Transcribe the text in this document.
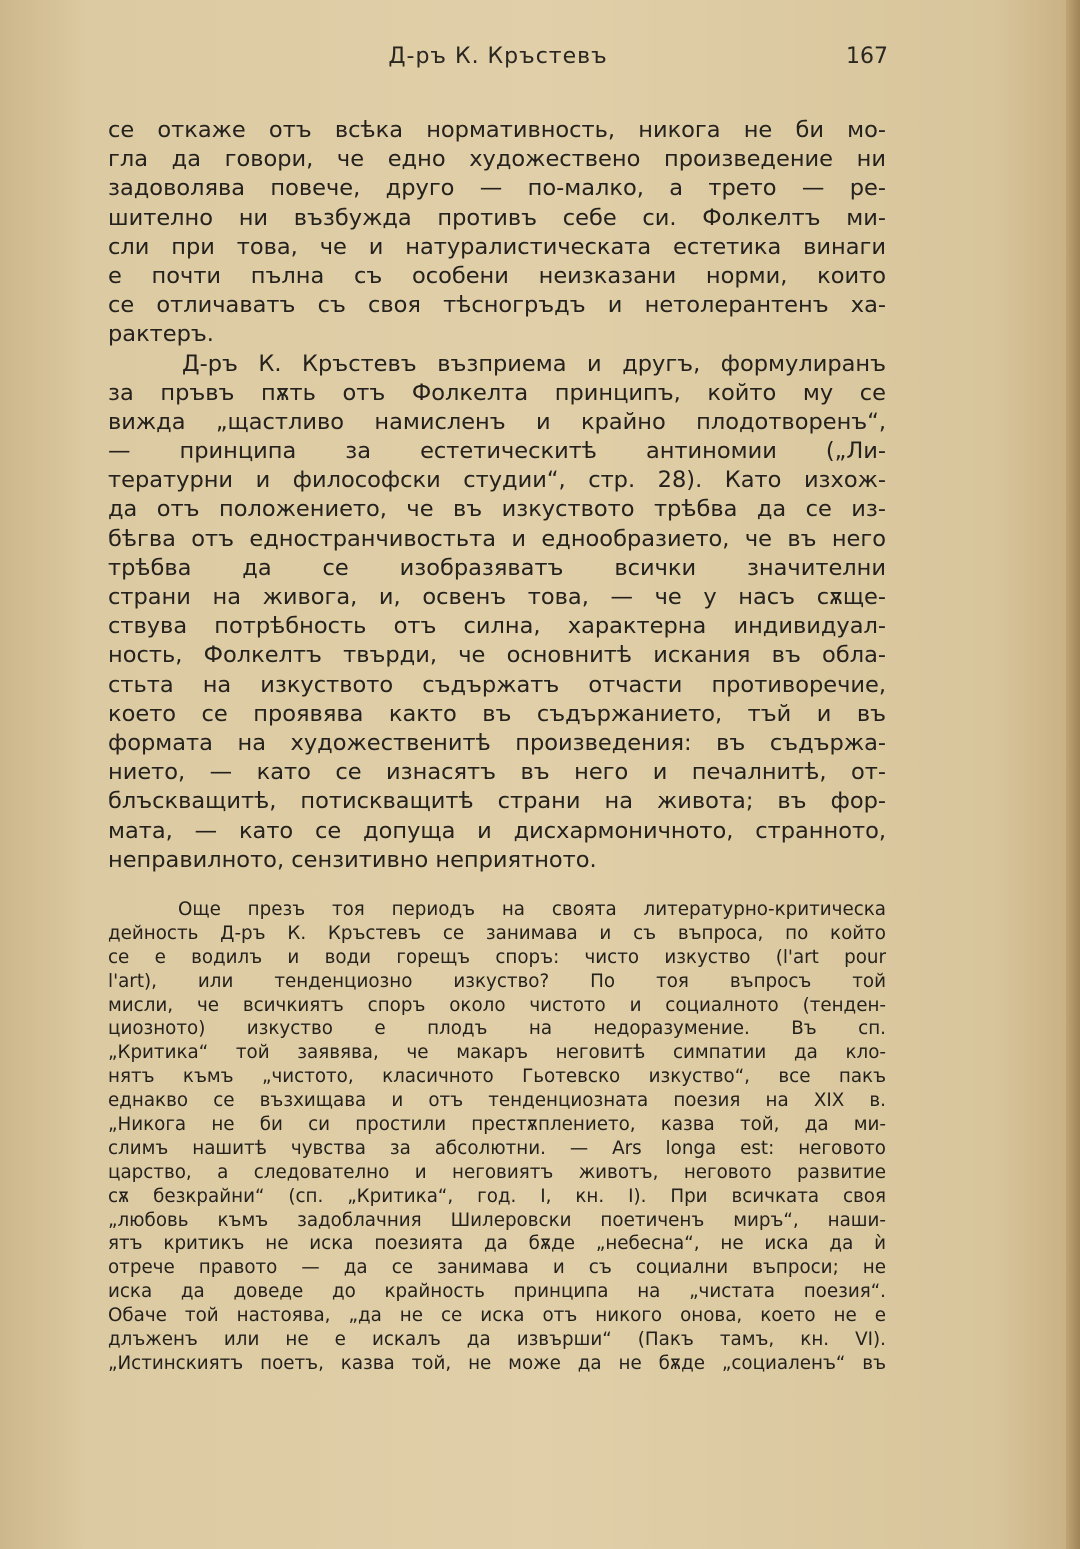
Д-ръ К. Кръстевъ	167
се откаже отъ всѣка нормативность, никога не би мо-
гла да говори, че едно художествено произведение ни
задоволява повече, друго — по-малко, а трето — ре-
шително ни възбужда противъ себе си. Фолкелтъ ми-
сли при това, че и натуралистическата естетика винаги
е почти пълна съ особени неизказани норми, които
се отличаватъ съ своя тѣсногръдъ и нетолерантенъ ха-
рактеръ.
Д-ръ К. Кръстевъ възприема и другъ, формулиранъ
за пръвъ пѫть отъ Фолкелта принципъ, който му се
вижда „щастливо намисленъ и крайно плодотворенъ“,
— принципа за естетическитѣ антиномии („Ли-
тературни и философски студии“, стр. 28). Като изхож-
да отъ положението, че въ изкуството трѣбва да се из-
бѣгва отъ едностранчивостьта и еднообразието, че въ него
трѣбва да се изобразяватъ всички значителни
страни на живога, и, освенъ това, — че у насъ сѫще-
ствува потрѣбность отъ силна, характерна индивидуал-
ность, Фолкелтъ твърди, че основнитѣ искания въ обла-
стьта на изкуството съдържатъ отчасти противоречие,
което се проявява както въ съдържанието, тъй и въ
формата на художественитѣ произведения: въ съдържа-
нието, — като се изнасятъ въ него и печалнитѣ, от-
блъскващитѣ, потискващитѣ страни на живота; въ фор-
мата, — като се допуща и дисхармоничното, странното,
неправилното, сензитивно неприятното.
Още презъ тоя периодъ на своята литературно-критическа
дейность Д-ръ К. Кръстевъ се занимава и съ въпроса, по който
се е водилъ и води горещъ споръ: чисто изкуство (l'art pour
l'art), или тенденциозно изкуство? По тоя въпросъ той
мисли, че всичкиятъ споръ около чистото и социалното (тенден-
циозното) изкуство е плодъ на недоразумение. Въ сп.
„Критика“ той заявява, че макаръ неговитѣ симпатии да кло-
нятъ къмъ „чистото, класичното Гьотевско изкуство“, все пакъ
еднакво се възхищава и отъ тенденциозната поезия на XIX в.
„Никога не би си простили престѫплението, казва той, да ми-
слимъ нашитѣ чувства за абсолютни. — Ars longa est: неговото
царство, а следователно и неговиятъ животъ, неговото развитие
сѫ безкрайни“ (сп. „Критика“, год. I, кн. I). При всичката своя
„любовь къмъ задоблачния Шилеровски поетиченъ миръ“, наши-
ятъ критикъ не иска поезията да бѫде „небесна“, не иска да ѝ
отрече правото — да се занимава и съ социални въпроси; не
иска да доведе до крайность принципа на „чистата поезия“.
Обаче той настоява, „да не се иска отъ никого онова, което не е
длъженъ или не е искалъ да извърши“ (Пакъ тамъ, кн. VI).
„Истинскиятъ поетъ, казва той, не може да не бѫде „социаленъ“ въ
